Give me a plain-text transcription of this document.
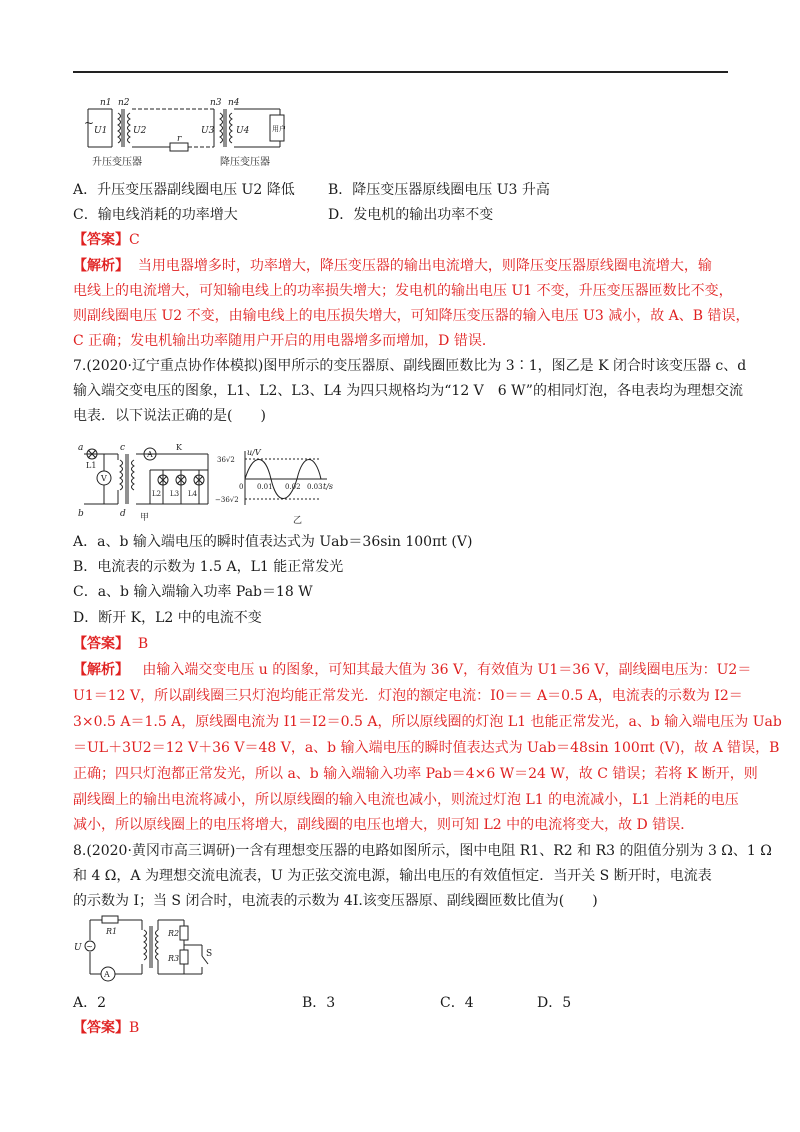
~
n1 n2	n3 n4
U1	U2	U3 U4
r
用户
升压变压器	降压变压器
A．升压变压器副线圈电压 U2 降低 B．降压变压器原线圈电压 U3 升高
C．输电线消耗的功率增大	D．发电机的输出功率不变
【答案】C
【解析】 当用电器增多时，功率增大，降压变压器的输出电流增大，则降压变压器原线圈电流增大，输
电线上的电流增大，可知输电线上的功率损失增大；发电机的输出电压 U1 不变，升压变压器匝数比不变，
则副线圈电压 U2 不变，由输电线上的电压损失增大，可知降压变压器的输入电压 U3 减小，故 A、B 错误，
C 正确；发电机输出功率随用户开启的用电器增多而增加，D 错误．
7.(2020·辽宁重点协作体模拟)图甲所示的变压器原、副线圈匝数比为 3∶1，图乙是 K 闭合时该变压器 c、d
输入端交变电压的图象，L1、L2、L3、L4 为四只规格均为“12 V　6 W”的相同灯泡，各电表均为理想交流
电表．以下说法正确的是(　　)
a
b
c
d
L1
V
A
K
L2 L3 L4
甲
u/V
t/s
36√2
−36√2
0 0.01 0.02 0.03
乙
A．a、b 输入端电压的瞬时值表达式为 Uab＝36sin 100πt (V)
B．电流表的示数为 1.5 A，L1 能正常发光
C．a、b 输入端输入功率 Pab＝18 W
D．断开 K，L2 中的电流不变
【答案】 B
【解析】 由输入端交变电压 u 的图象，可知其最大值为 36 V，有效值为 U1＝36 V，副线圈电压为：U2＝
U1＝12 V，所以副线圈三只灯泡均能正常发光．灯泡的额定电流：I0＝＝ A＝0.5 A，电流表的示数为 I2＝
3×0.5 A＝1.5 A，原线圈电流为 I1＝I2＝0.5 A，所以原线圈的灯泡 L1 也能正常发光，a、b 输入端电压为 Uab
＝UL＋3U2＝12 V＋36 V＝48 V，a、b 输入端电压的瞬时值表达式为 Uab＝48sin 100πt (V)，故 A 错误，B
正确；四只灯泡都正常发光，所以 a、b 输入端输入功率 Pab＝4×6 W＝24 W，故 C 错误；若将 K 断开，则
副线圈上的输出电流将减小，所以原线圈的输入电流也减小，则流过灯泡 L1 的电流减小，L1 上消耗的电压
减小，所以原线圈上的电压将增大，副线圈的电压也增大，则可知 L2 中的电流将变大，故 D 错误．
8.(2020·黄冈市高三调研)一含有理想变压器的电路如图所示，图中电阻 R1、R2 和 R3 的阻值分别为 3 Ω、1 Ω
和 4 Ω，A 为理想交流电流表，U 为正弦交流电源，输出电压的有效值恒定．当开关 S 断开时，电流表
的示数为 I；当 S 闭合时，电流表的示数为 4I.该变压器原、副线圈匝数比值为(　　)
~
U
R1	R2
R3	S
A
A．2	B．3	C．4	D．5
【答案】B
